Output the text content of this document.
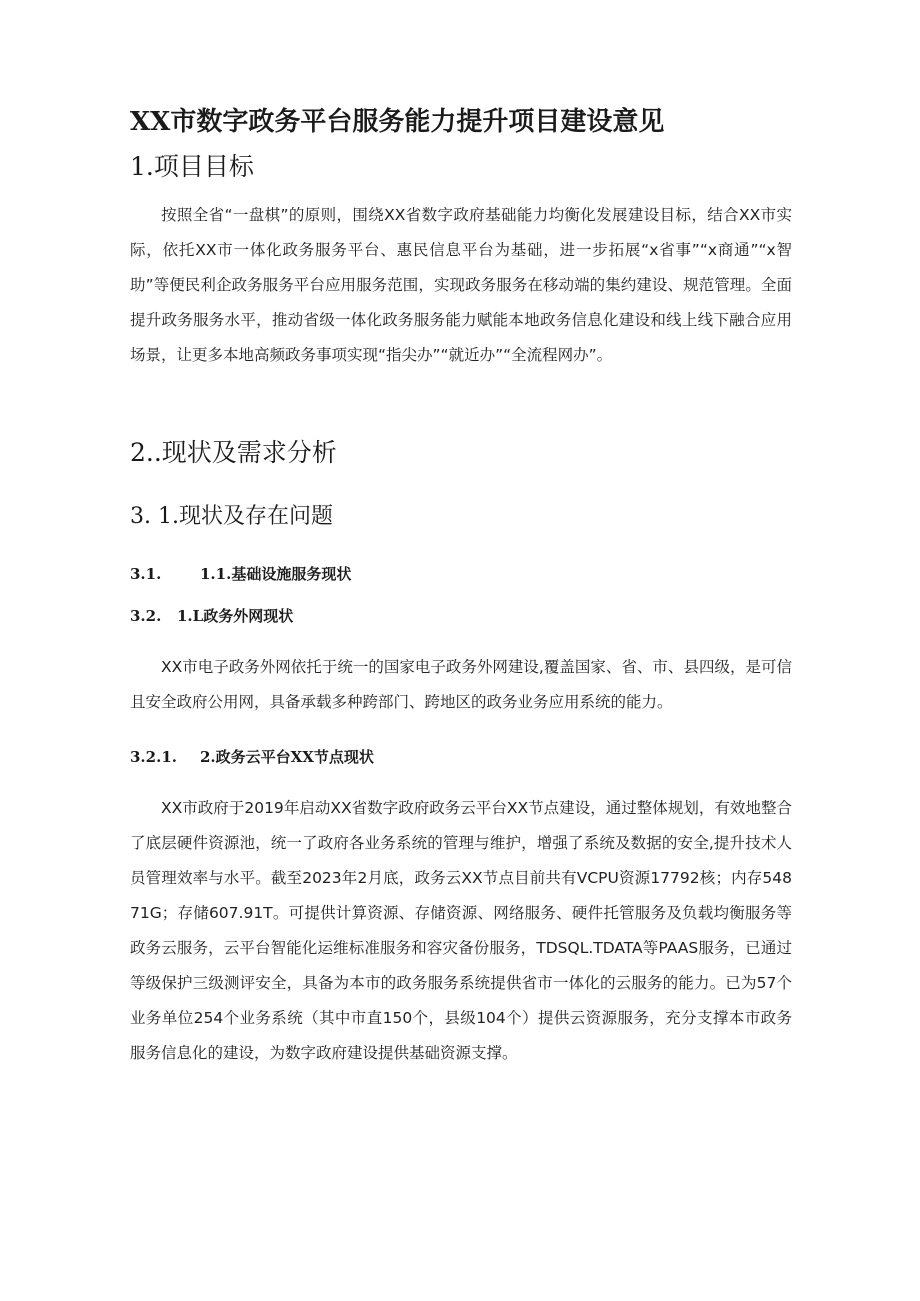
XX市数字政务平台服务能力提升项目建设意见
1.项目目标
按照全省“一盘棋”的原则，围绕XX省数字政府基础能力均衡化发展建设目标，结合XX市实际，依托XX市一体化政务服务平台、惠民信息平台为基础，进一步拓展“x省事”“x商通”“x智助”等便民利企政务服务平台应用服务范围，实现政务服务在移动端的集约建设、规范管理。全面提升政务服务水平，推动省级一体化政务服务能力赋能本地政务信息化建设和线上线下融合应用场景，让更多本地高频政务事项实现“指尖办”“就近办”“全流程网办”。
2..现状及需求分析
3. 1.现状及存在问题
3.1.	1.1.基础设施服务现状
3.2. 1.L政务外网现状
XX市电子政务外网依托于统一的国家电子政务外网建设,覆盖国家、省、市、县四级，是可信且安全政府公用网，具备承载多种跨部门、跨地区的政务业务应用系统的能力。
3.2.1. 2.政务云平台XX节点现状
XX市政府于2019年启动XX省数字政府政务云平台XX节点建设，通过整体规划，有效地整合了底层硬件资源池，统一了政府各业务系统的管理与维护，增强了系统及数据的安全,提升技术人员管理效率与水平。截至2023年2月底，政务云XX节点目前共有VCPU资源17792核；内存54871G；存储607.91T。可提供计算资源、存储资源、网络服务、硬件托管服务及负载均衡服务等政务云服务，云平台智能化运维标准服务和容灾备份服务，TDSQL.TDATA等PAAS服务，已通过等级保护三级测评安全，具备为本市的政务服务系统提供省市一体化的云服务的能力。已为57个业务单位254个业务系统（其中市直150个，县级104个）提供云资源服务，充分支撑本市政务服务信息化的建设，为数字政府建设提供基础资源支撑。
